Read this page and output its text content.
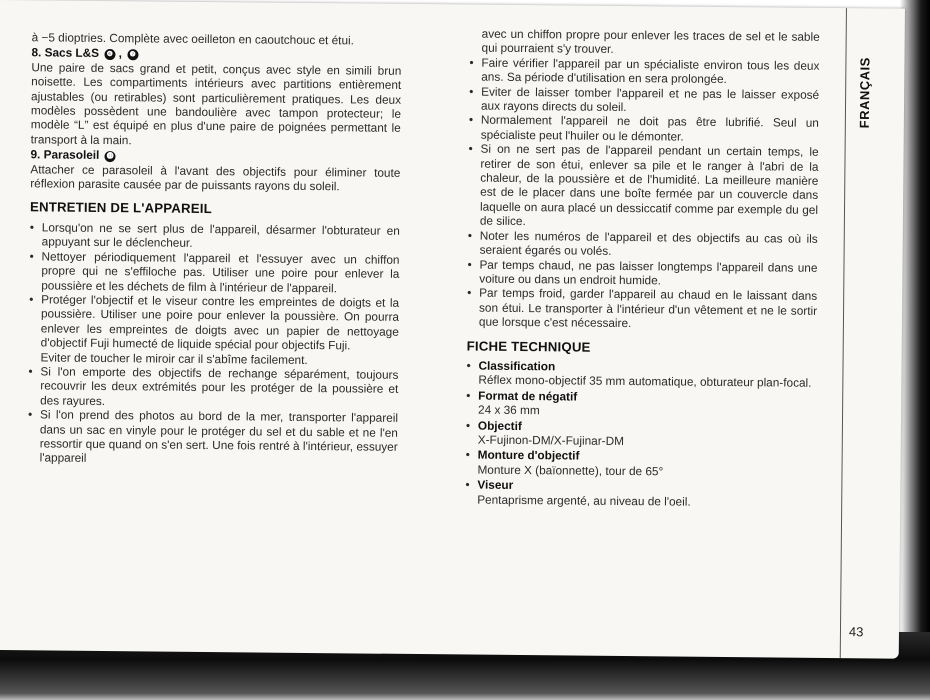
à −5 dioptries. Complète avec oeilleton en caoutchouc et étui.

8. Sacs L&S ❻ , ❼

Une paire de sacs grand et petit, conçus avec style en simili brun noisette. Les compartiments intérieurs avec partitions entièrement ajustables (ou retirables) sont particulièrement pratiques. Les deux modèles possèdent une bandoulière avec tampon protecteur; le modèle “L” est équipé en plus d'une paire de poignées permettant le transport à la main.

9. Parasoleil ⓭

Attacher ce parasoleil à l'avant des objectifs pour éliminer toute réflexion parasite causée par de puissants rayons du soleil.

ENTRETIEN DE L'APPAREIL

• Lorsqu'on ne se sert plus de l'appareil, désarmer l'obturateur en appuyant sur le déclencheur.
• Nettoyer périodiquement l'appareil et l'essuyer avec un chiffon propre qui ne s'effiloche pas. Utiliser une poire pour enlever la poussière et les déchets de film à l'intérieur de l'appareil.
• Protéger l'objectif et le viseur contre les empreintes de doigts et la poussière. Utiliser une poire pour enlever la poussière. On pourra enlever les empreintes de doigts avec un papier de nettoyage d'objectif Fuji humecté de liquide spécial pour objectifs Fuji.
Eviter de toucher le miroir car il s'abîme facilement.
• Si l'on emporte des objectifs de rechange séparément, toujours recouvrir les deux extrémités pour les protéger de la poussière et des rayures.
• Si l'on prend des photos au bord de la mer, transporter l'appareil dans un sac en vinyle pour le protéger du sel et du sable et ne l'en ressortir que quand on s'en sert. Une fois rentré à l'intérieur, essuyer l'appareil

avec un chiffon propre pour enlever les traces de sel et le sable qui pourraient s'y trouver.

• Faire vérifier l'appareil par un spécialiste environ tous les deux ans. Sa période d'utilisation en sera prolongée.
• Eviter de laisser tomber l'appareil et ne pas le laisser exposé aux rayons directs du soleil.
• Normalement l'appareil ne doit pas être lubrifié. Seul un spécialiste peut l'huiler ou le démonter.
• Si on ne sert pas de l'appareil pendant un certain temps, le retirer de son étui, enlever sa pile et le ranger à l'abri de la chaleur, de la poussière et de l'humidité. La meilleure manière est de le placer dans une boîte fermée par un couvercle dans laquelle on aura placé un dessiccatif comme par exemple du gel de silice.
• Noter les numéros de l'appareil et des objectifs au cas où ils seraient égarés ou volés.
• Par temps chaud, ne pas laisser longtemps l'appareil dans une voiture ou dans un endroit humide.
• Par temps froid, garder l'appareil au chaud en le laissant dans son étui. Le transporter à l'intérieur d'un vêtement et ne le sortir que lorsque c'est nécessaire.

FICHE TECHNIQUE

• Classification
Réflex mono-objectif 35 mm automatique, obturateur plan-focal.
• Format de négatif
24 x 36 mm
• Objectif
X-Fujinon-DM/X-Fujinar-DM
• Monture d'objectif
Monture X (baïonnette), tour de 65°
• Viseur
Pentaprisme argenté, au niveau de l'oeil.
FRANÇAIS
43
